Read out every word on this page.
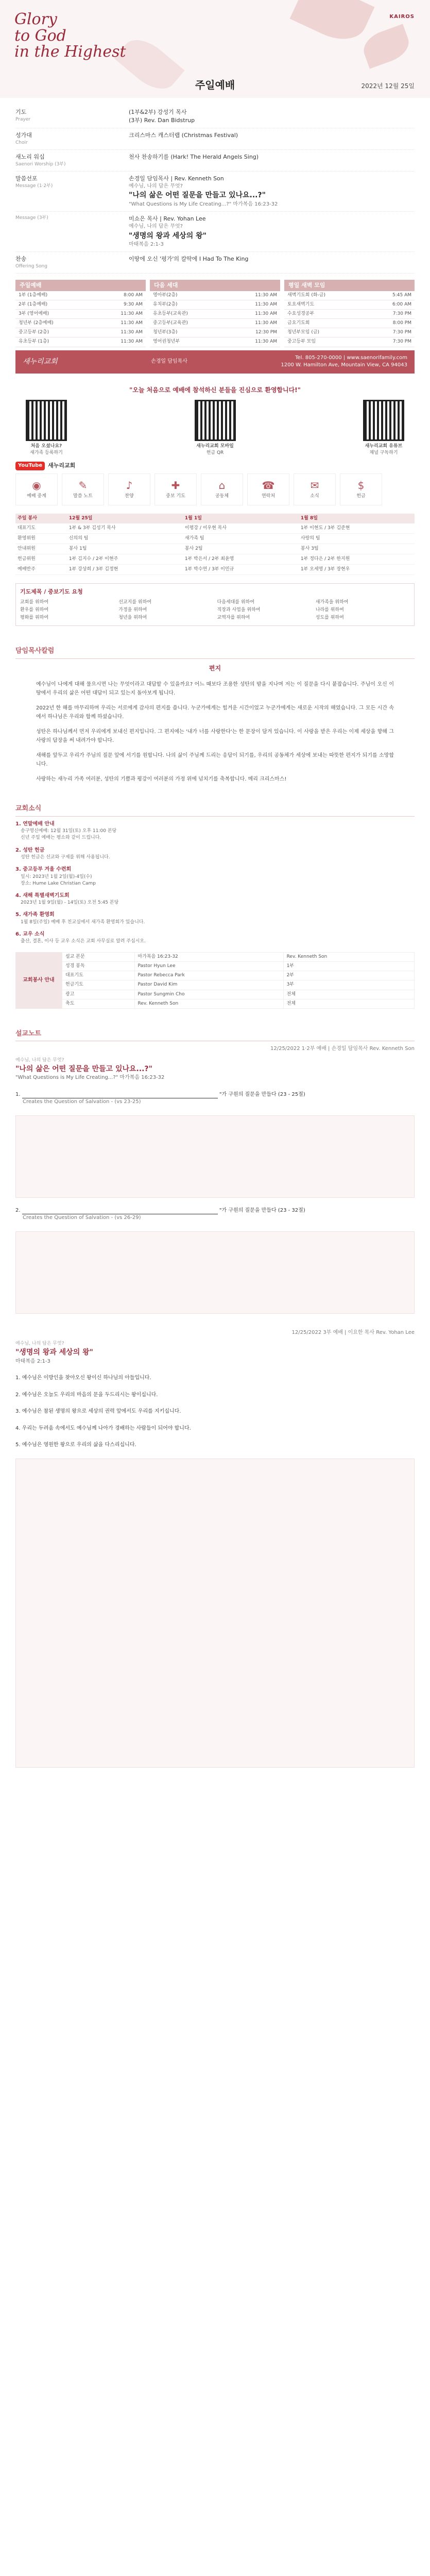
Glory
to God
in the Highest
KAIROS
주일예배	2022년 12월 25일
기도
Prayer
(1부&2부) 강성기 목사
(3부) Rev. Dan Bidstrup
성가대
Choir
크리스마스 캐스터랩 (Christmas Festival)
새노리 워십
Saenori Worship (3부)
천사 찬송하기를 (Hark! The Herald Angels Sing)
말씀선포
Message (1·2부)
손경일 담임목사 | Rev. Kenneth Son
예수님, 나의 답은 무엇?
"나의 삶은 어떤 질문을 만들고 있나요...?"
"What Questions is My Life Creating...?" 마가복음 16:23-32
Message (3부)	미쇼은 목사 | Rev. Yohan Lee
예수님, 나의 답은 무엇?
"생명의 왕과 세상의 왕"
마태복음 2:1-3
찬송
Offering Song
이땅에 오신 '평가'의 칼딱에 I Had To The King
주일예배
1부 (1층예배)	8:00 AM
2부 (1층예배)	9:30 AM
3부 (영어예배)	11:30 AM
청년부 (2층예배)	11:30 AM
중고등부 (2층)	11:30 AM
유초등부 (1층)	11:30 AM
다음 세대
영아부(2층)	11:30 AM
유치부(2층)	11:30 AM
유초등부(교육관)	11:30 AM
중고등부(교육관)	11:30 AM
청년부(3층)	12:30 PM
영어권청년부	11:30 AM
평일 새벽 모임
새벽기도회 (화-금)	5:45 AM
토요새벽기도	6:00 AM
수요성경공부	7:30 PM
금요기도회	8:00 PM
청년부모임 (금)	7:30 PM
중고등부 모임	7:30 PM
새누리교회	손경일 담임목사
Tel. 805-270-0000 | www.saenorifamily.com
1200 W. Hamilton Ave, Mountain View, CA 94043
"오늘 처음으로 예배에 참석하신 분들을 진심으로 환영합니다!"
처음 오셨나요?
새가족 등록하기
새누리교회 모바일
헌금 QR
새누리교회 유튜브
채널 구독하기
YouTube	새누리교회
◉
예배 중계
✎
말씀 노트
♪
찬양
✚
중보 기도
⌂
공동체
☎
연락처
✉
소식
$
헌금
주일 봉사	12월 25일	1월 1일	1월 8일
대표기도	1부 & 3부 김성기 목사	이평강 / 이우현 목사	1부 이현도 / 3부 김준현
환영위원	신의의 팀	새가족 팀	사랑의 팀
안내위원	봉사 1팀	봉사 2팀	봉사 3팀
헌금위원	1부 김지수 / 2부 이현주	1부 박은서 / 2부 최윤영	1부 정다은 / 2부 한지원
예배반주	1부 강상희 / 3부 김정현	1부 박수연 / 3부 이민규	1부 오세영 / 3부 장현우
기도제목 / 중보기도 요청
교회를 위하여	선교지를 위하여	다음세대를 위하여	새가족을 위하여
환우를 위하여	가정을 위하여	직장과 사업을 위하여	나라를 위하여
평화를 위하여	청년을 위하여	교역자를 위하여	성도를 위하여
담임목사칼럼
편지

예수님이 나에게 대해 물으시면 나는 무엇이라고 대답할 수 있을까요? 어느 때보다 조용한 성탄의 밤을 지나며 저는 이 질문을 다시 붙잡습니다. 주님이 오신 이 땅에서 우리의 삶은 어떤 대답이 되고 있는지 돌아보게 됩니다.

2022년 한 해를 마무리하며 우리는 서로에게 감사의 편지를 씁니다. 누군가에게는 힘겨운 시간이었고 누군가에게는 새로운 시작의 해였습니다. 그 모든 시간 속에서 하나님은 우리와 함께 하셨습니다.

성탄은 하나님께서 먼저 우리에게 보내신 편지입니다. 그 편지에는 '내가 너를 사랑한다'는 한 문장이 담겨 있습니다. 이 사랑을 받은 우리는 이제 세상을 향해 그 사랑의 답장을 써 내려가야 합니다.

새해를 앞두고 우리가 주님의 질문 앞에 서기를 원합니다. 나의 삶이 주님께 드리는 응답이 되기를, 우리의 공동체가 세상에 보내는 따뜻한 편지가 되기를 소망합니다.

사랑하는 새누리 가족 여러분, 성탄의 기쁨과 평강이 여러분의 가정 위에 넘치기를 축복합니다. 메리 크리스마스!

교회소식
1. 연말예배 안내
송구영신예배: 12월 31일(토) 오후 11:00 본당
신년 주일 예배는 평소와 같이 드립니다.
2. 성탄 헌금
성탄 헌금은 선교와 구제를 위해 사용됩니다.
3. 중고등부 겨울 수련회
일시: 2023년 1월 2일(월)-4일(수)
장소: Hume Lake Christian Camp
4. 새해 특별새벽기도회
2023년 1월 9일(월) - 14일(토) 오전 5:45 본당
5. 새가족 환영회
1월 8일(주일) 예배 후 친교실에서 새가족 환영회가 있습니다.
6. 교우 소식
출산, 결혼, 이사 등 교우 소식은 교회 사무실로 알려 주십시오.
교회봉사 안내
설교 본문	마가복음 16:23-32	Rev. Kenneth Son
성경 봉독	Pastor Hyun Lee	1부
대표기도	Pastor Rebecca Park	2부
헌금기도	Pastor David Kim	3부
광고	Pastor Sungmin Cho	전체
축도	Rev. Kenneth Son	전체
설교노트
12/25/2022 1·2부 예배 | 손경일 담임목사 Rev. Kenneth Son
예수님, 나의 답은 무엇?
"나의 삶은 어떤 질문을 만들고 있나요...?"
"What Questions is My Life Creating...?" 마가복음 16:23-32
1.	"가 구원의 질문을 만들다 (23 - 25절)
Creates the Question of Salvation - (vs 23-25)
2.	"가 구원의 질문을 만들다 (23 - 32절)
Creates the Question of Salvation - (vs 26-29)
12/25/2022 3부 예배 | 이요한 목사 Rev. Yohan Lee
예수님, 나의 답은 무엇?
"생명의 왕과 세상의 왕"
마태복음 2:1-3
1. 예수님은 이방인을 찾아오신 왕이신 하나님의 아들입니다.
2. 예수님은 오늘도 우리의 마음의 문을 두드리시는 왕이십니다.
3. 예수님은 참된 생명의 왕으로 세상의 권력 앞에서도 우리를 지키십니다.
4. 우리는 두려움 속에서도 예수님께 나아가 경배하는 사람들이 되어야 합니다.
5. 예수님은 영원한 왕으로 우리의 삶을 다스리십니다.
